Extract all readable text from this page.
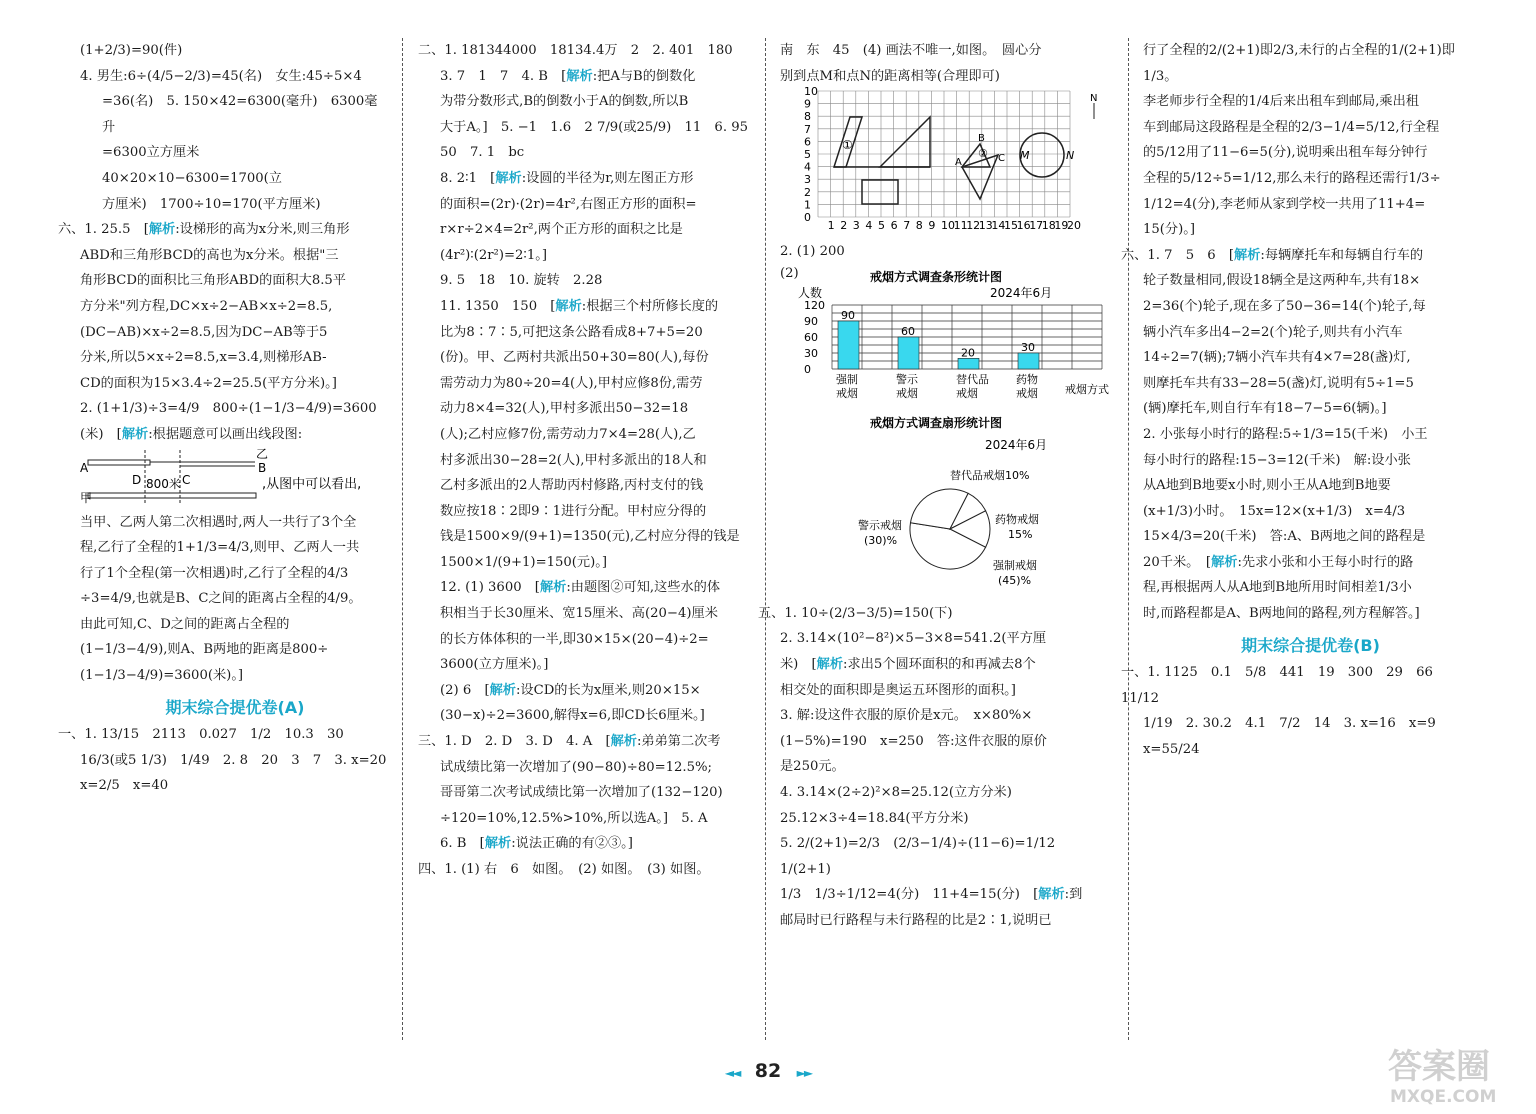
(1+2/3)=90(件)

4. 男生:6÷(4/5−2/3)=45(名)　女生:45÷5×4

=36(名)　5. 150×42=6300(毫升)　6300毫升

=6300立方厘米　40×20×10−6300=1700(立

方厘米)　1700÷10=170(平方厘米)

六、1. 25.5　[解析:设梯形的高为x分米,则三角形

ABD和三角形BCD的高也为x分米。根据"三

角形BCD的面积比三角形ABD的面积大8.5平

方分米"列方程,DC×x÷2−AB×x÷2=8.5,

(DC−AB)×x÷2=8.5,因为DC−AB等于5

分米,所以5×x÷2=8.5,x=3.4,则梯形AB-

CD的面积为15×3.4÷2=25.5(平方分米)。]

2. (1+1/3)÷3=4/9　800÷(1−1/3−4/9)=3600

(米)　[解析:根据题意可以画出线段图:

A	B
乙
D	C
800米
甲
,从图中可以看出,

当甲、乙两人第二次相遇时,两人一共行了3个全

程,乙行了全程的1+1/3=4/3,则甲、乙两人一共

行了1个全程(第一次相遇)时,乙行了全程的4/3

÷3=4/9,也就是B、C之间的距离占全程的4/9。

由此可知,C、D之间的距离占全程的

(1−1/3−4/9),则A、B两地的距离是800÷

(1−1/3−4/9)=3600(米)。]

期末综合提优卷(A)

一、1. 13/15　2113　0.027　1/2　10.3　30

16/3(或5 1/3)　1/49　2. 8　20　3　7　3. x=20

x=2/5　x=40

二、1. 181344000　18134.4万　2　2. 401　180

3. 7　1　7　4. B　[解析:把A与B的倒数化

为带分数形式,B的倒数小于A的倒数,所以B

大于A。]　5. −1　1.6　2 7/9(或25/9)　11　6. 95

50　7. 1　bc

8. 2∶1　[解析:设圆的半径为r,则左图正方形

的面积=(2r)·(2r)=4r²,右图正方形的面积=

r×r÷2×4=2r²,两个正方形的面积之比是

(4r²)∶(2r²)=2∶1。]

9. 5　18　10. 旋转　2.28

11. 1350　150　[解析:根据三个村所修长度的

比为8∶7∶5,可把这条公路看成8+7+5=20

(份)。甲、乙两村共派出50+30=80(人),每份

需劳动力为80÷20=4(人),甲村应修8份,需劳

动力8×4=32(人),甲村多派出50−32=18

(人);乙村应修7份,需劳动力7×4=28(人),乙

村多派出30−28=2(人),甲村多派出的18人和

乙村多派出的2人帮助丙村修路,丙村支付的钱

数应按18∶2即9∶1进行分配。甲村应分得的

钱是1500×9/(9+1)=1350(元),乙村应分得的钱是

1500×1/(9+1)=150(元)。]

12. (1) 3600　[解析:由题图②可知,这些水的体

积相当于长30厘米、宽15厘米、高(20−4)厘米

的长方体体积的一半,即30×15×(20−4)÷2=

3600(立方厘米)。]

(2) 6　[解析:设CD的长为x厘米,则20×15×

(30−x)÷2=3600,解得x=6,即CD长6厘米。]

三、1. D　2. D　3. D　4. A　[解析:弟弟第二次考

试成绩比第一次增加了(90−80)÷80=12.5%;

哥哥第二次考试成绩比第一次增加了(132−120)

÷120=10%,12.5%>10%,所以选A。]　5. A

6. B　[解析:说法正确的有②③。]

四、1. (1) 右　6　如图。　(2) 如图。　(3) 如图。

南　东　45　(4) 画法不唯一,如图。　圆心分

别到点M和点N的距离相等(合理即可)

1 2 3 4 5 6 7 8 9 10
11
12
13
14
15
16
17
18
19
20
0
1
2
3
4
5
6
7
8
9
10
①
②
A
B
C M	N
N

2. (1) 200

(2)	戒烟方式调查条形统计图
人数	2024年6月
0
30
60
90
120
强制
戒烟
警示
戒烟
替代品
戒烟
药物
戒烟
90
60
20	30
戒烟方式
戒烟方式调查扇形统计图
2024年6月
替代品戒烟10%
药物戒烟
15%
警示戒烟
(30)%
强制戒烟
(45)%

五、1. 10÷(2/3−3/5)=150(下)

2. 3.14×(10²−8²)×5−3×8=541.2(平方厘

米)　[解析:求出5个圆环面积的和再减去8个

相交处的面积即是奥运五环图形的面积。]

3. 解:设这件衣服的原价是x元。　x×80%×

(1−5%)=190　x=250　答:这件衣服的原价

是250元。

4. 3.14×(2÷2)²×8=25.12(立方分米)

25.12×3÷4=18.84(平方分米)

5. 2/(2+1)=2/3　(2/3−1/4)÷(11−6)=1/12　1/(2+1)

1/3　1/3÷1/12=4(分)　11+4=15(分)　[解析:到

邮局时已行路程与未行路程的比是2∶1,说明已

行了全程的2/(2+1)即2/3,未行的占全程的1/(2+1)即1/3。

李老师步行全程的1/4后来出租车到邮局,乘出租

车到邮局这段路程是全程的2/3−1/4=5/12,行全程

的5/12用了11−6=5(分),说明乘出租车每分钟行

全程的5/12÷5=1/12,那么未行的路程还需行1/3÷

1/12=4(分),李老师从家到学校一共用了11+4=

15(分)。]

六、1. 7　5　6　[解析:每辆摩托车和每辆自行车的

轮子数量相同,假设18辆全是这两种车,共有18×

2=36(个)轮子,现在多了50−36=14(个)轮子,每

辆小汽车多出4−2=2(个)轮子,则共有小汽车

14÷2=7(辆);7辆小汽车共有4×7=28(盏)灯,

则摩托车共有33−28=5(盏)灯,说明有5÷1=5

(辆)摩托车,则自行车有18−7−5=6(辆)。]

2. 小张每小时行的路程:5÷1/3=15(千米)　小王

每小时行的路程:15−3=12(千米)　解:设小张

从A地到B地要x小时,则小王从A地到B地要

(x+1/3)小时。　15x=12×(x+1/3)　x=4/3

15×4/3=20(千米)　答:A、B两地之间的路程是

20千米。　[解析:先求小张和小王每小时行的路

程,再根据两人从A地到B地所用时间相差1/3小

时,而路程都是A、B两地间的路程,列方程解答。]

期末综合提优卷(B)

一、1. 1125　0.1　5/8　441　19　300　29　66　11/12

1/19　2. 30.2　4.1　7/2　14　3. x=16　x=9

x=55/24

◄◄ 82 ►►	答案圈
MXQE.COM
